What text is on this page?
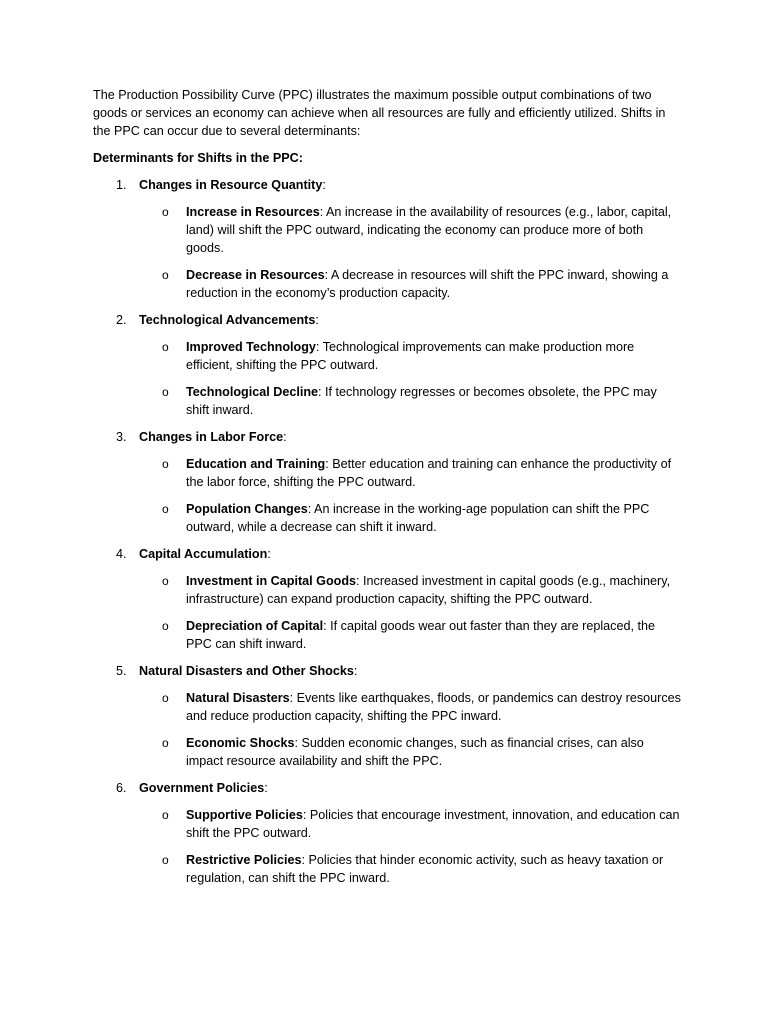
The Production Possibility Curve (PPC) illustrates the maximum possible output combinations of two goods or services an economy can achieve when all resources are fully and efficiently utilized. Shifts in the PPC can occur due to several determinants:

Determinants for Shifts in the PPC:

1. Changes in Resource Quantity:
o Increase in Resources: An increase in the availability of resources (e.g., labor, capital, land) will shift the PPC outward, indicating the economy can produce more of both goods.
o Decrease in Resources: A decrease in resources will shift the PPC inward, showing a reduction in the economy’s production capacity.
2. Technological Advancements:
o Improved Technology: Technological improvements can make production more efficient, shifting the PPC outward.
o Technological Decline: If technology regresses or becomes obsolete, the PPC may shift inward.
3. Changes in Labor Force:
o Education and Training: Better education and training can enhance the productivity of the labor force, shifting the PPC outward.
o Population Changes: An increase in the working-age population can shift the PPC outward, while a decrease can shift it inward.
4. Capital Accumulation:
o Investment in Capital Goods: Increased investment in capital goods (e.g., machinery, infrastructure) can expand production capacity, shifting the PPC outward.
o Depreciation of Capital: If capital goods wear out faster than they are replaced, the PPC can shift inward.
5. Natural Disasters and Other Shocks:
o Natural Disasters: Events like earthquakes, floods, or pandemics can destroy resources and reduce production capacity, shifting the PPC inward.
o Economic Shocks: Sudden economic changes, such as financial crises, can also impact resource availability and shift the PPC.
6. Government Policies:
o Supportive Policies: Policies that encourage investment, innovation, and education can shift the PPC outward.
o Restrictive Policies: Policies that hinder economic activity, such as heavy taxation or regulation, can shift the PPC inward.
